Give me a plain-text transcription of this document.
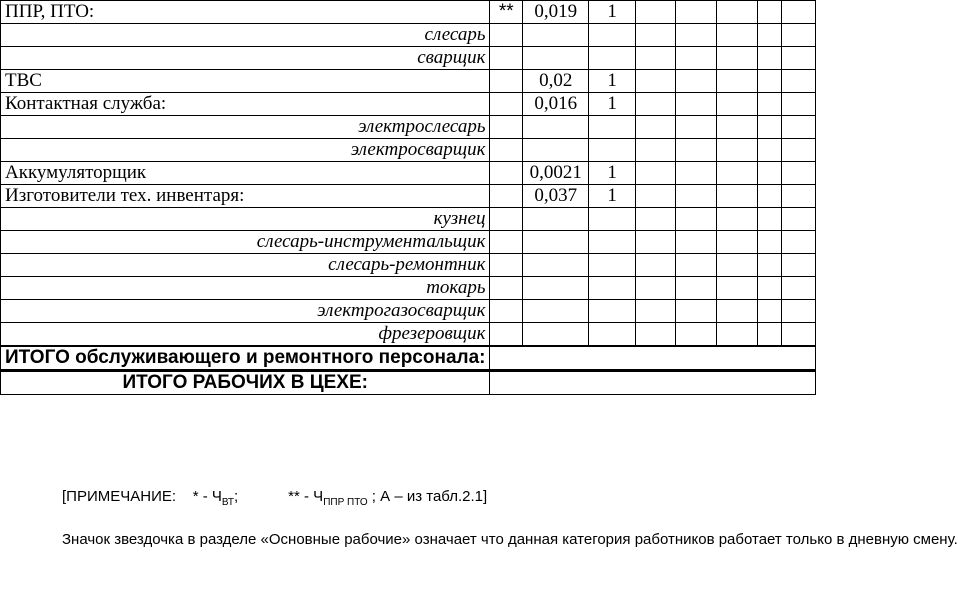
ППР, ПТО:	**	0,019	1					
слесарь								
сварщик								
ТВС		0,02	1					
Контактная служба:		0,016	1					
электрослесарь								
электросварщик								
Аккумуляторщик		0,0021	1					
Изготовители тех. инвентаря:		0,037	1					
кузнец								
слесарь-инструментальщик								
слесарь-ремонтник								
токарь								
электрогазосварщик								
фрезеровщик								
ИТОГО обслуживающего и ремонтного персонала:								
ИТОГО РАБОЧИХ В ЦЕХЕ:								
[ПРИМЕЧАНИЕ: * - $Ч_{ВТ}$;	** - $Ч_{ППР ПТО}$ ; А – из табл.2.1]
Значок звездочка в разделе «Основные рабочие» означает что данная категория работников работает только в дневную смену.
